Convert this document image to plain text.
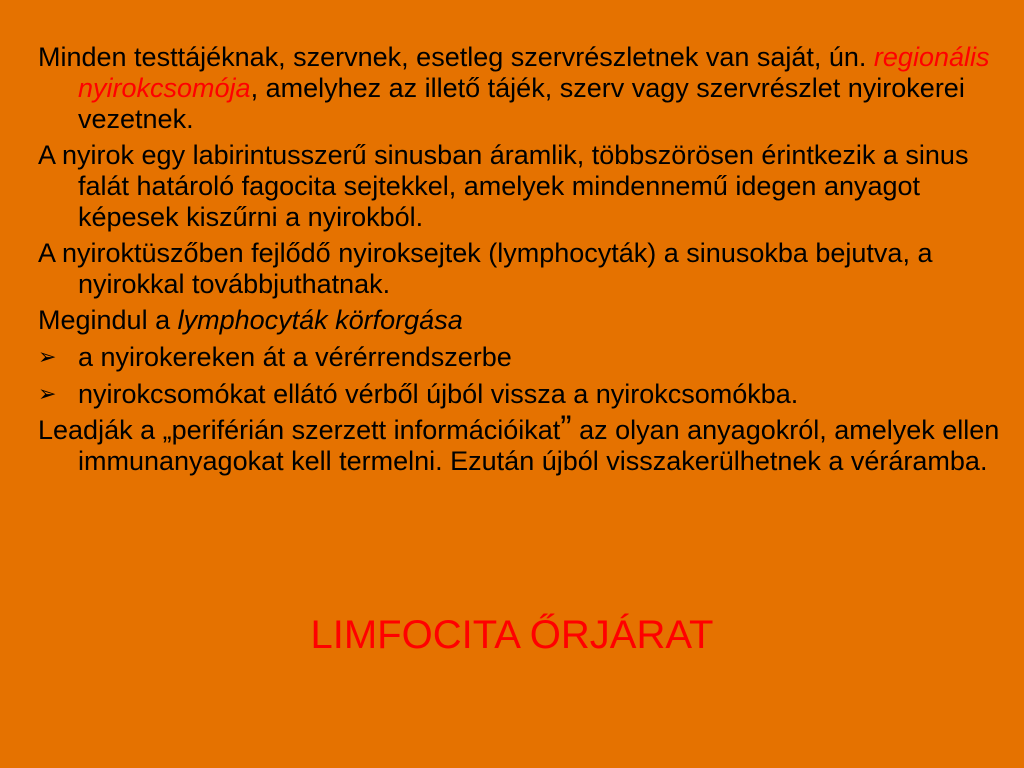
Minden testtájéknak, szervnek, esetleg szervrészletnek van saját, ún. regionális nyirokcsomója, amelyhez az illető tájék, szerv vagy szervrészlet nyirokerei vezetnek.

A nyirok egy labirintusszerű sinusban áramlik, többszörösen érintkezik a sinus falát határoló fagocita sejtekkel, amelyek mindennemű idegen anyagot képesek kiszűrni a nyirokból.

A nyiroktüszőben fejlődő nyiroksejtek (lymphocyták) a sinusokba bejutva, a nyirokkal továbbjuthatnak.

Megindul a lymphocyták körforgása

➢ a nyirokereken át a vérérrendszerbe

➢ nyirokcsomókat ellátó vérből újból vissza a nyirokcsomókba.

Leadják a „periférián szerzett információikat” az olyan anyagokról, amelyek ellen immunanyagokat kell termelni. Ezután újból visszakerülhetnek a véráramba.

LIMFOCITA ŐRJÁRAT
